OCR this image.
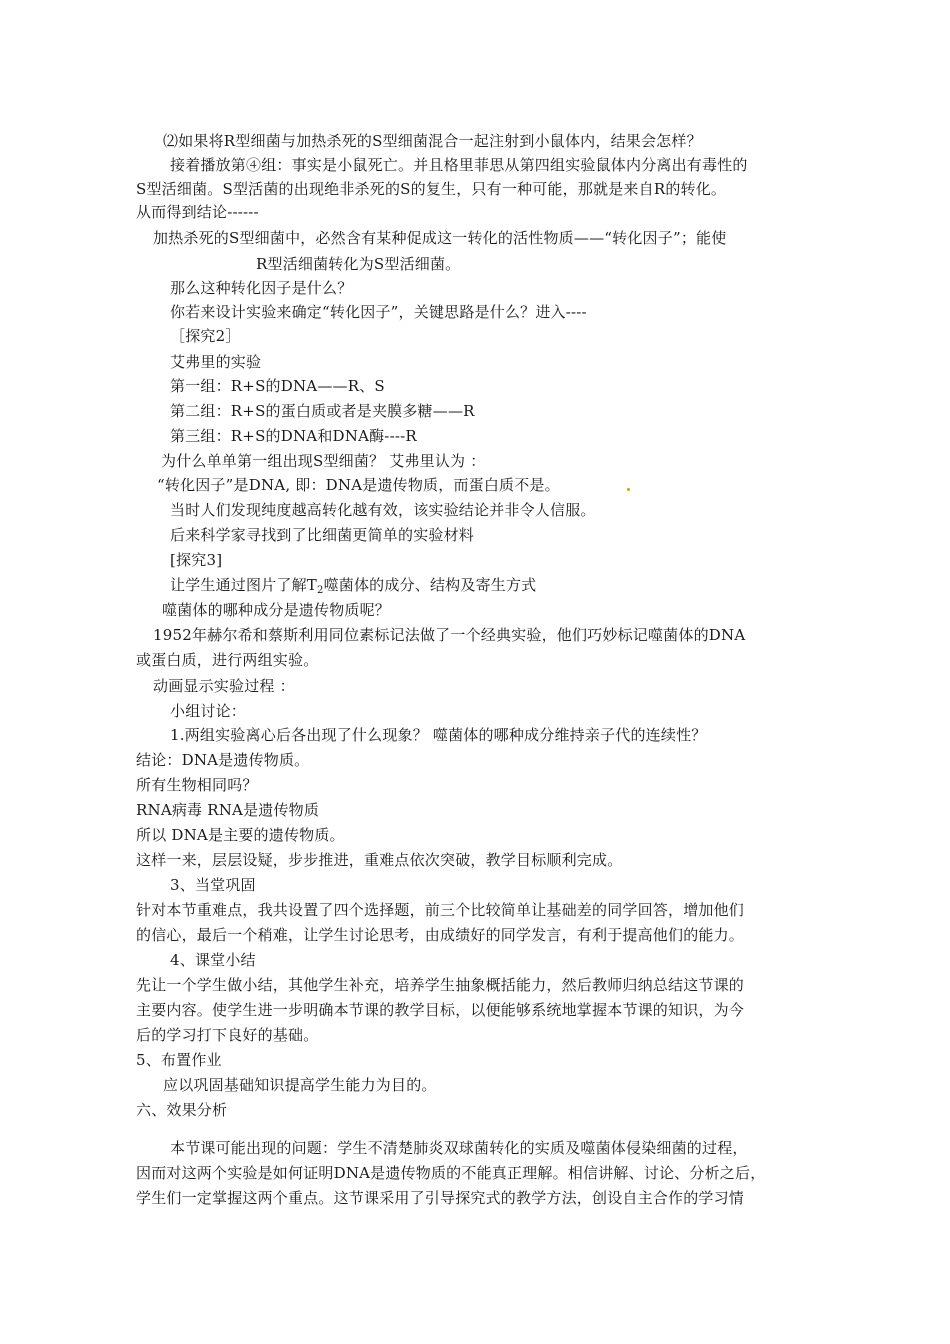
⑵如果将R型细菌与加热杀死的S型细菌混合一起注射到小鼠体内，结果会怎样？
接着播放第④组：事实是小鼠死亡。并且格里菲思从第四组实验鼠体内分离出有毒性的
S型活细菌。S型活菌的出现绝非杀死的S的复生，只有一种可能，那就是来自R的转化。
从而得到结论------
加热杀死的S型细菌中，必然含有某种促成这一转化的活性物质——“转化因子”；能使
R型活细菌转化为S型活细菌。
那么这种转化因子是什么？
你若来设计实验来确定“转化因子”，关键思路是什么？进入----
［探究2］
艾弗里的实验
第一组：R+S的DNA——R、S
第二组：R+S的蛋白质或者是夹膜多糖——R
第三组：R+S的DNA和DNA酶----R
为什么单单第一组出现S型细菌？ 艾弗里认为 ：
“转化因子”是DNA, 即：DNA是遗传物质，而蛋白质不是。
当时人们发现纯度越高转化越有效，该实验结论并非令人信服。
后来科学家寻找到了比细菌更简单的实验材料
[探究3]
让学生通过图片了解$T_2$噬菌体的成分、结构及寄生方式
噬菌体的哪种成分是遗传物质呢？
1952年赫尔希和蔡斯利用同位素标记法做了一个经典实验，他们巧妙标记噬菌体的DNA
或蛋白质，进行两组实验。
动画显示实验过程 ：
小组讨论：
1.两组实验离心后各出现了什么现象？ 噬菌体的哪种成分维持亲子代的连续性？
结论：DNA是遗传物质。
所有生物相同吗？
RNA病毒 RNA是遗传物质
所以 DNA是主要的遗传物质。
这样一来，层层设疑，步步推进，重难点依次突破，教学目标顺利完成。
3、当堂巩固
针对本节重难点，我共设置了四个选择题，前三个比较简单让基础差的同学回答，增加他们
的信心，最后一个稍难，让学生讨论思考，由成绩好的同学发言，有利于提高他们的能力。
4、课堂小结
先让一个学生做小结，其他学生补充，培养学生抽象概括能力，然后教师归纳总结这节课的
主要内容。使学生进一步明确本节课的教学目标，以便能够系统地掌握本节课的知识，为今
后的学习打下良好的基础。
5、布置作业
应以巩固基础知识提高学生能力为目的。
六、效果分析
本节课可能出现的问题：学生不清楚肺炎双球菌转化的实质及噬菌体侵染细菌的过程，
因而对这两个实验是如何证明DNA是遗传物质的不能真正理解。相信讲解、讨论、分析之后，
学生们一定掌握这两个重点。这节课采用了引导探究式的教学方法，创设自主合作的学习情
